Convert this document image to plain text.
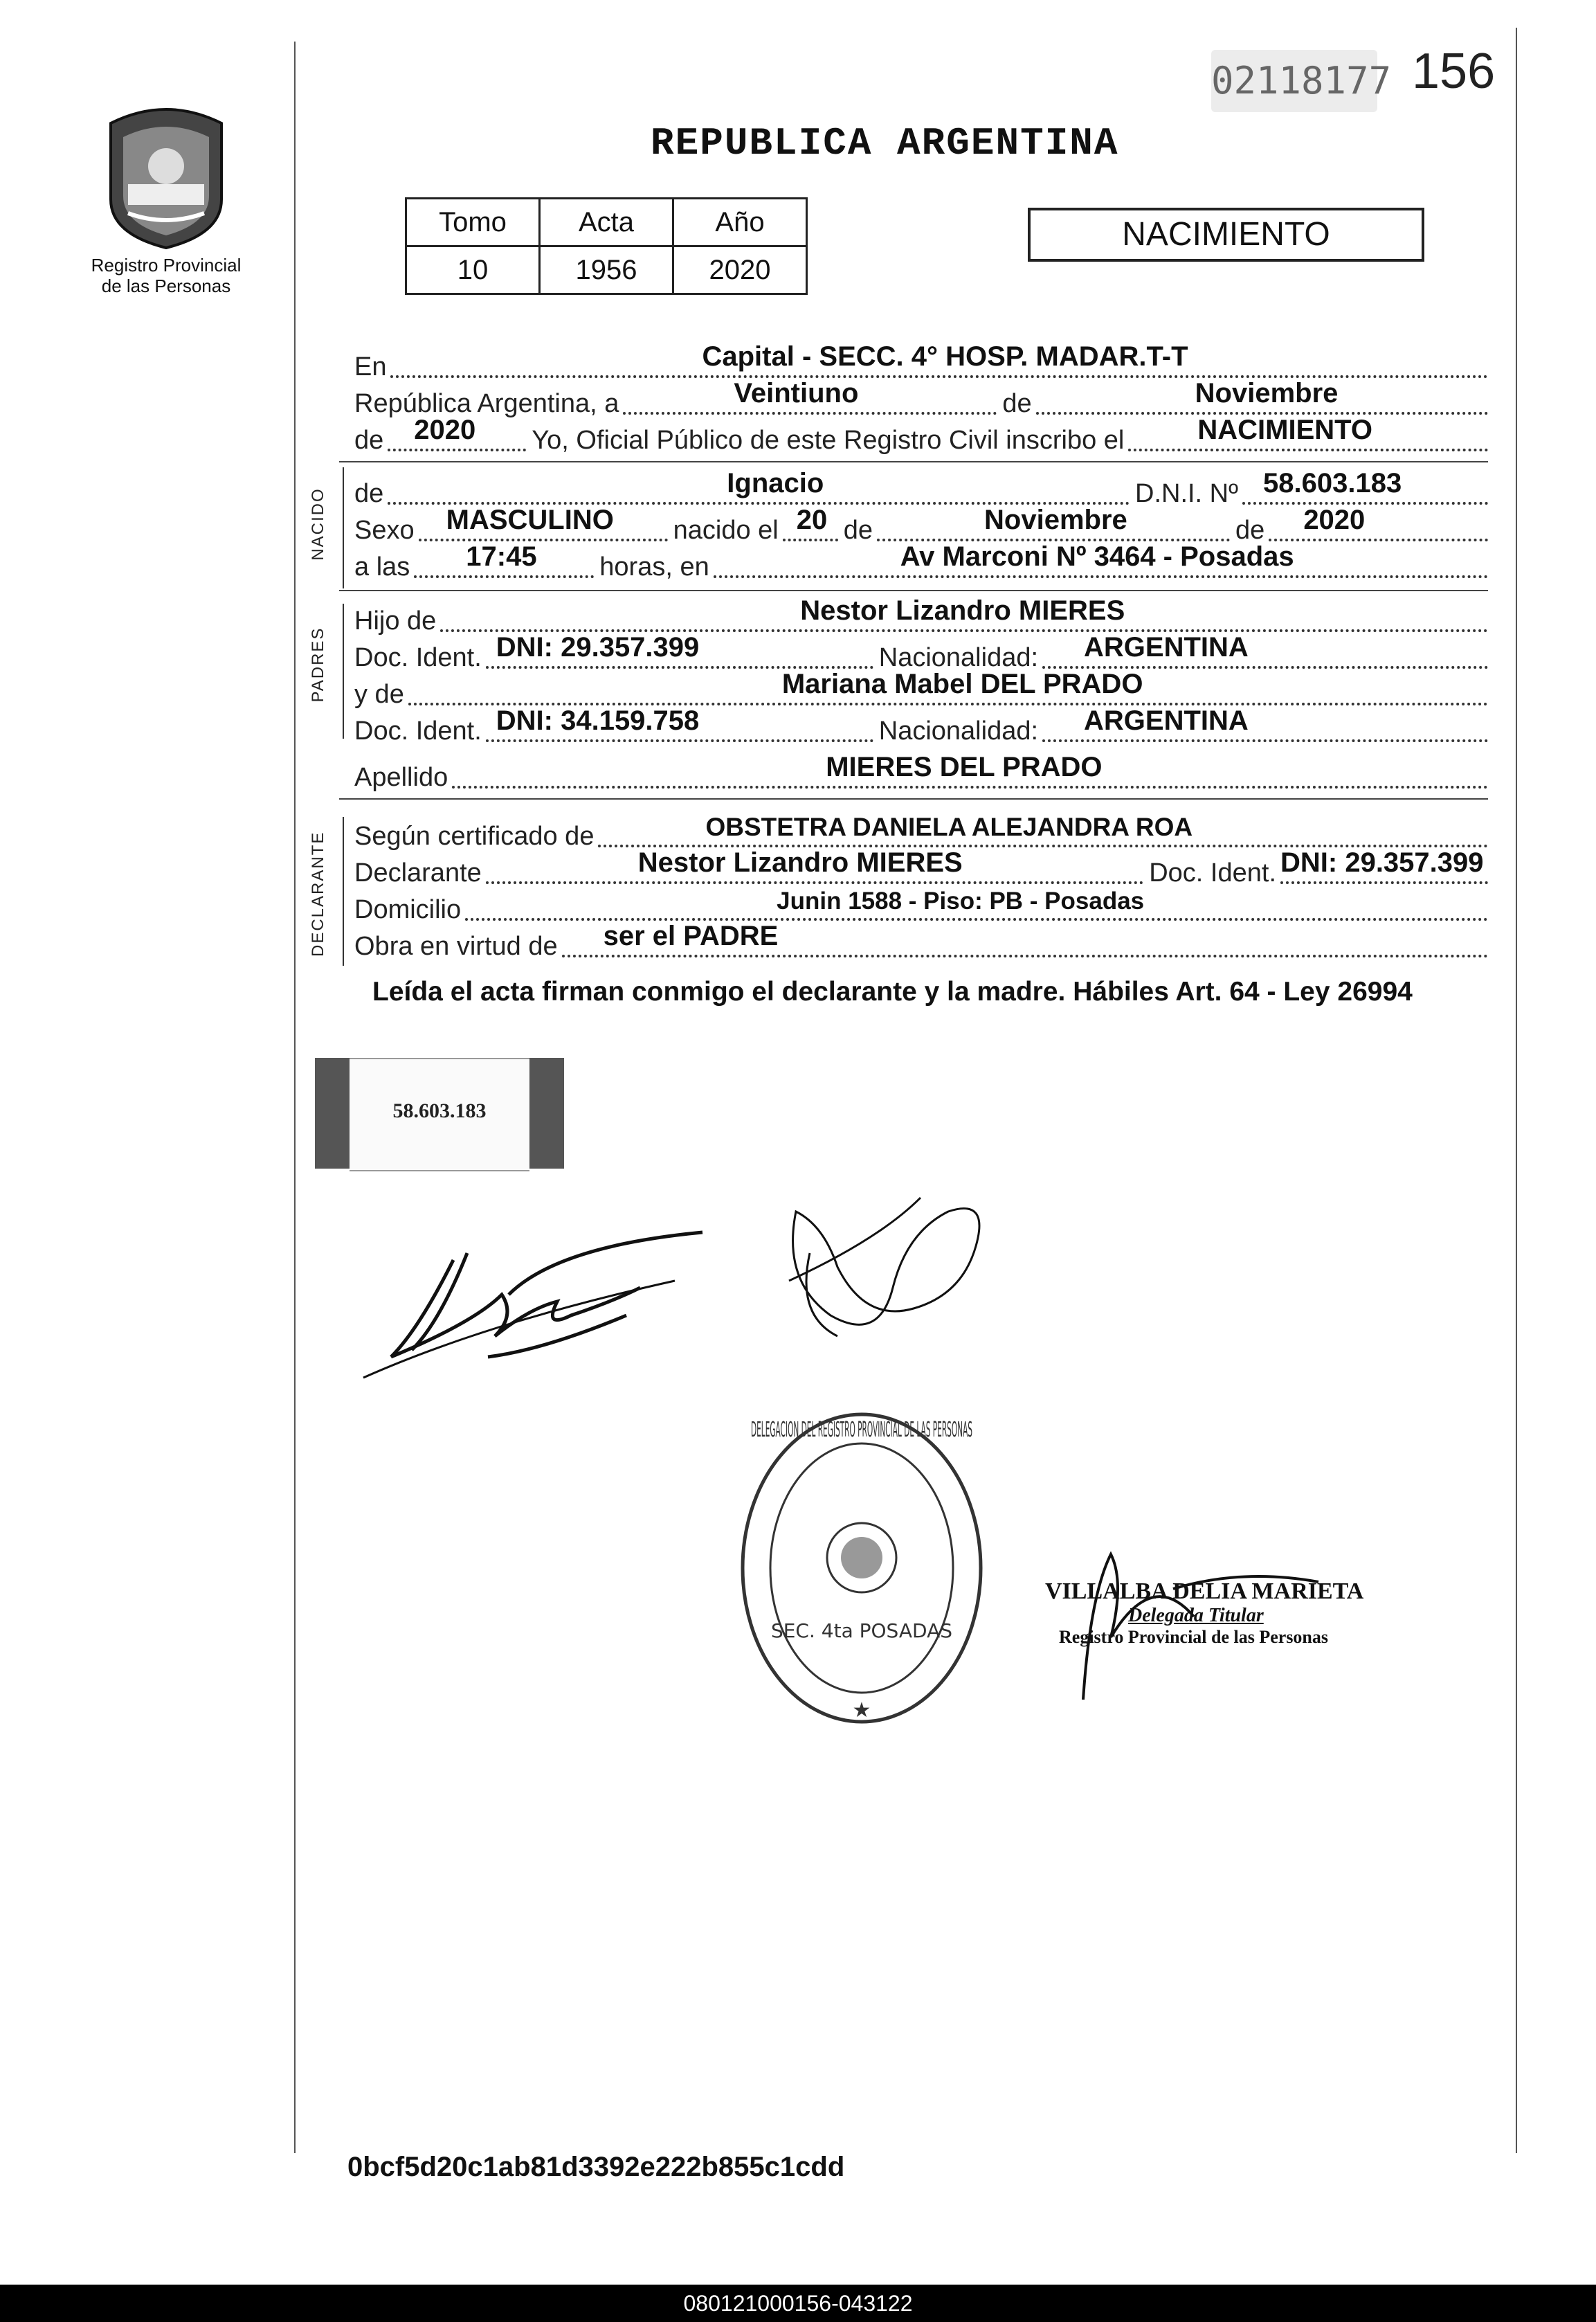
02118177 156
REPUBLICA ARGENTINA
Registro Provincial
de las Personas
Tomo	Acta	Año
10	1956	2020
NACIMIENTO
En	Capital - SECC. 4° HOSP. MADAR.T-T
República Argentina, a	Veintiuno	de	Noviembre
de 2020 Yo, Oficial Público de este Registro Civil inscribo el	NACIMIENTO
NACIDO de	Ignacio	D.N.I. Nº 58.603.183
Sexo MASCULINO nacido el 20 de	Noviembre	de 2020
a las 17:45 horas, en	Av Marconi Nº 3464 - Posadas
PADRES
Hijo de	Nestor Lizandro MIERES
Doc. Ident. DNI: 29.357.399	Nacionalidad: ARGENTINA
y de	Mariana Mabel DEL PRADO
Doc. Ident. DNI: 34.159.758	Nacionalidad: ARGENTINA
Apellido	MIERES DEL PRADO
DECLARANTE Según certificado de	OBSTETRA DANIELA ALEJANDRA ROA
Declarante	Nestor Lizandro MIERES	Doc. Ident. DNI: 29.357.399
Domicilio	Junin 1588 - Piso: PB - Posadas
Obra en virtud de ser el PADRE
Leída el acta firman conmigo el declarante y la madre. Hábiles Art. 64 - Ley 26994
58.603.183
DELEGACION DEL REGISTRO PROVINCIAL DE LAS PERSONAS
SEC. 4ta POSADAS
★
VILLALBA DELIA MARIETA
Delegada Titular
Registro Provincial de las Personas
0bcf5d20c1ab81d3392e222b855c1cdd
080121000156-043122
